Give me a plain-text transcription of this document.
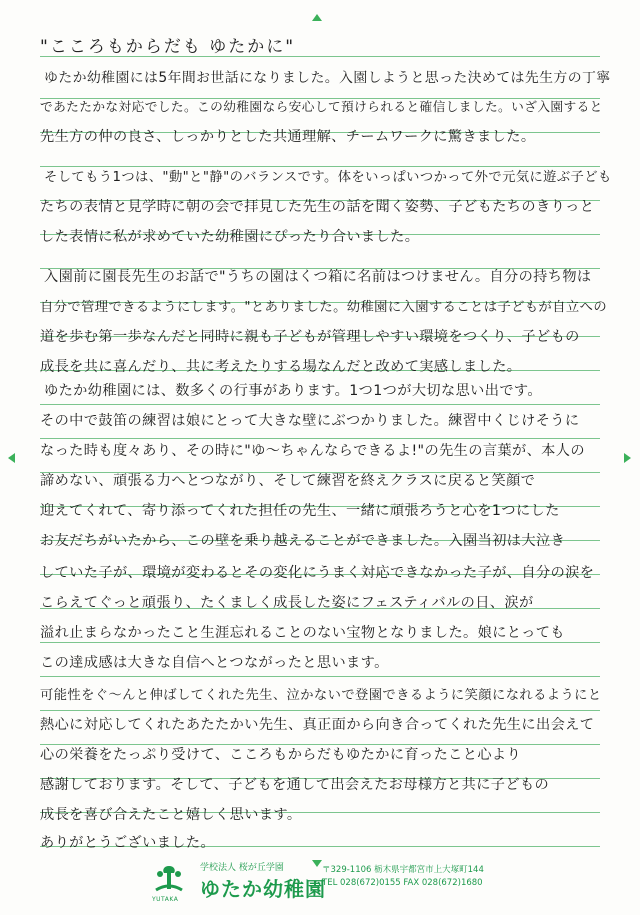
"こころもからだも ゆたかに"
ゆたか幼稚園には5年間お世話になりました。入園しようと思った決めては先生方の丁寧
であたたかな対応でした。この幼稚園なら安心して預けられると確信しました。いざ入園すると
先生方の仲の良さ、しっかりとした共通理解、チームワークに驚きました。
そしてもう1つは、"動"と"静"のバランスです。体をいっぱいつかって外で元気に遊ぶ子ども
たちの表情と見学時に朝の会で拝見した先生の話を聞く姿勢、子どもたちのきりっと
した表情に私が求めていた幼稚園にぴったり合いました。
入園前に園長先生のお話で"うちの園はくつ箱に名前はつけません。自分の持ち物は
自分で管理できるようにします。"とありました。幼稚園に入園することは子どもが自立への
道を歩む第一歩なんだと同時に親も子どもが管理しやすい環境をつくり、子どもの
成長を共に喜んだり、共に考えたりする場なんだと改めて実感しました。
ゆたか幼稚園には、数多くの行事があります。1つ1つが大切な思い出です。
その中で鼓笛の練習は娘にとって大きな壁にぶつかりました。練習中くじけそうに
なった時も度々あり、その時に"ゆ〜ちゃんならできるよ!"の先生の言葉が、本人の
諦めない、頑張る力へとつながり、そして練習を終えクラスに戻ると笑顔で
迎えてくれて、寄り添ってくれた担任の先生、一緒に頑張ろうと心を1つにした
お友だちがいたから、この壁を乗り越えることができました。入園当初は大泣き
していた子が、環境が変わるとその変化にうまく対応できなかった子が、自分の涙を
こらえてぐっと頑張り、たくましく成長した姿にフェスティバルの日、涙が
溢れ止まらなかったこと生涯忘れることのない宝物となりました。娘にとっても
この達成感は大きな自信へとつながったと思います。
可能性をぐ〜んと伸ばしてくれた先生、泣かないで登園できるように笑顔になれるようにと
熱心に対応してくれたあたたかい先生、真正面から向き合ってくれた先生に出会えて
心の栄養をたっぷり受けて、こころもからだもゆたかに育ったこと心より
感謝しております。そして、子どもを通して出会えたお母様方と共に子どもの
成長を喜び合えたこと嬉しく思います。
ありがとうございました。
YUTAKA
学校法人 桜が丘学園
ゆたか幼稚園
〒329-1106 栃木県宇都宮市上大塚町144
TEL 028(672)0155 FAX 028(672)1680
